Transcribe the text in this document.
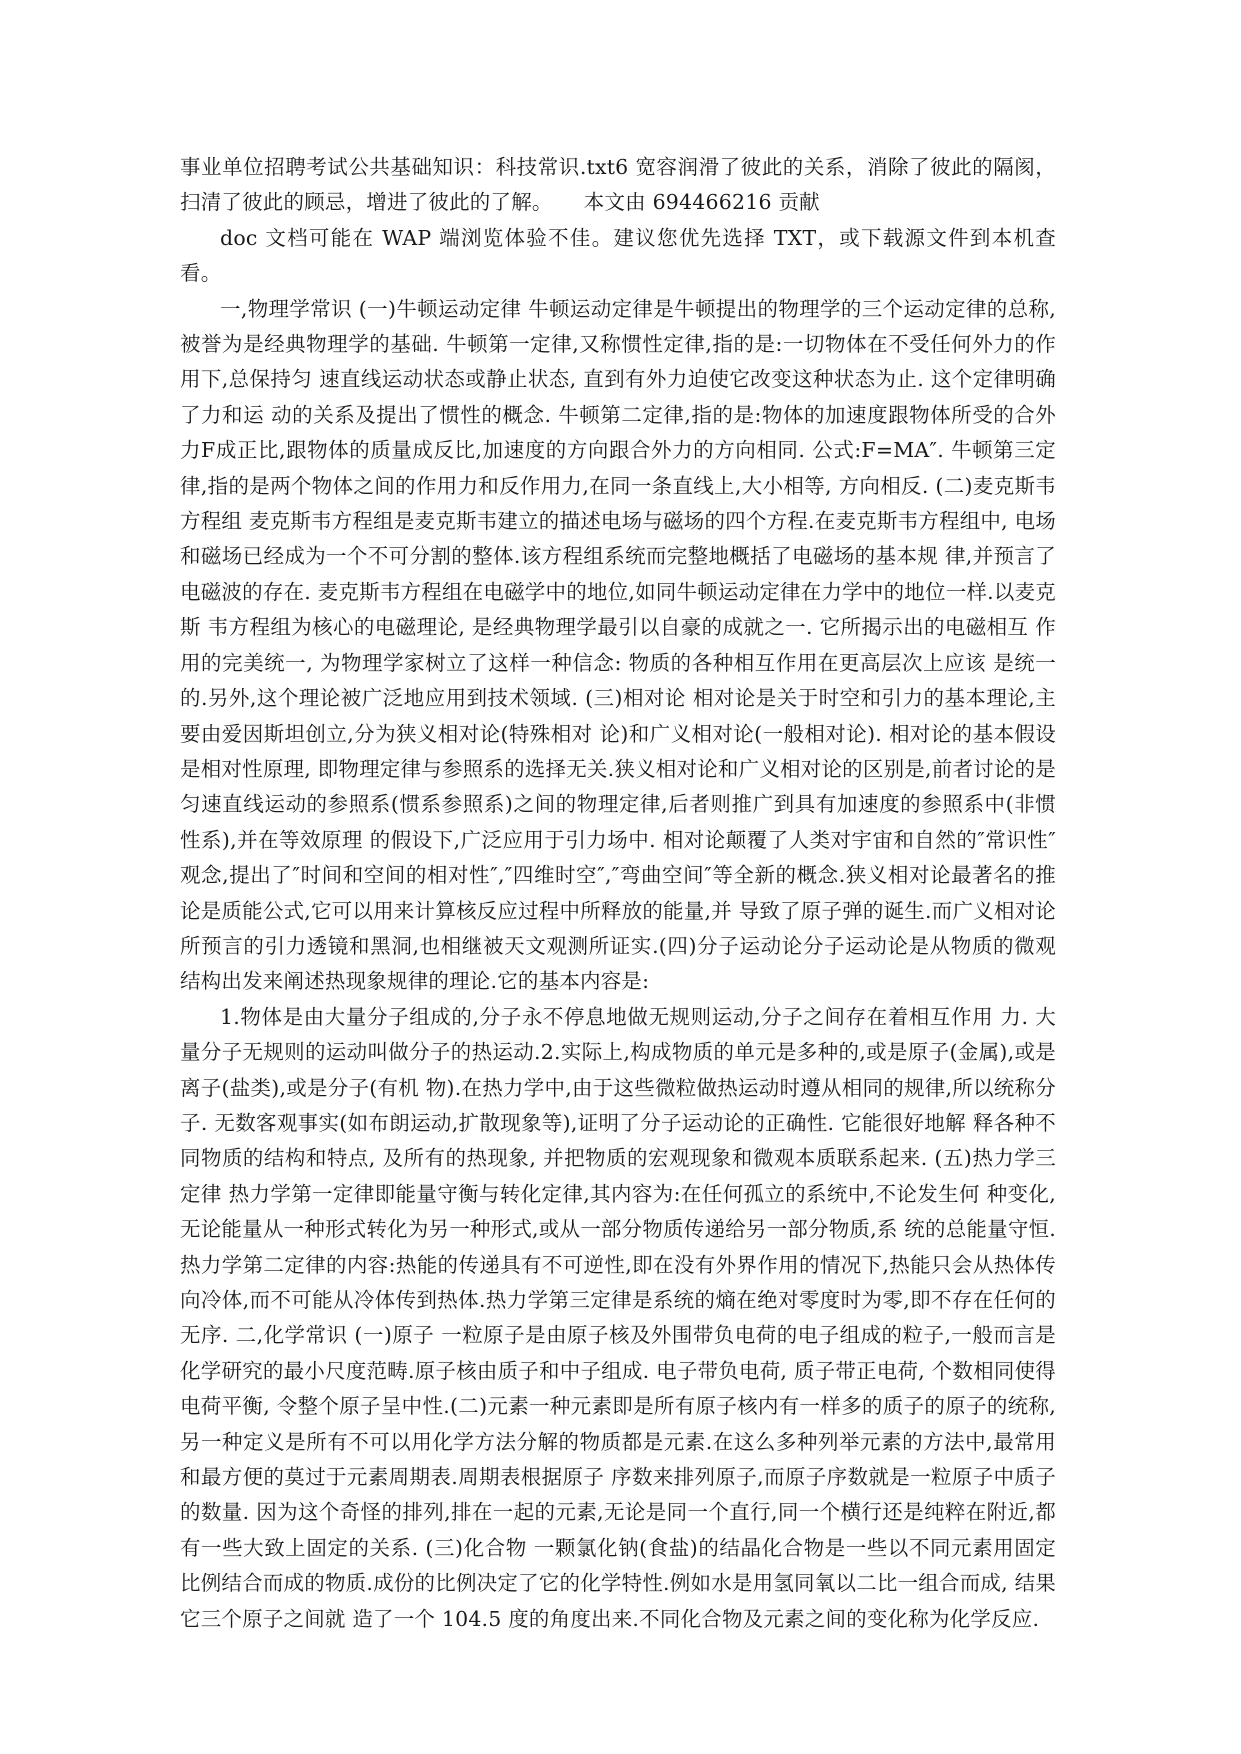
事业单位招聘考试公共基础知识：科技常识.txt6 宽容润滑了彼此的关系，消除了彼此的隔阂，扫清了彼此的顾忌，增进了彼此的了解。　　本文由 694466216 贡献

doc 文档可能在 WAP 端浏览体验不佳。建议您优先选择 TXT，或下载源文件到本机查看。

一,物理学常识 (一)牛顿运动定律 牛顿运动定律是牛顿提出的物理学的三个运动定律的总称, 被誉为是经典物理学的基础. 牛顿第一定律,又称惯性定律,指的是:一切物体在不受任何外力的作用下,总保持匀 速直线运动状态或静止状态, 直到有外力迫使它改变这种状态为止. 这个定律明确了力和运 动的关系及提出了惯性的概念. 牛顿第二定律,指的是:物体的加速度跟物体所受的合外力F成正比,跟物体的质量成反比,加速度的方向跟合外力的方向相同. 公式:F=MA″. 牛顿第三定律,指的是两个物体之间的作用力和反作用力,在同一条直线上,大小相等, 方向相反. (二)麦克斯韦方程组 麦克斯韦方程组是麦克斯韦建立的描述电场与磁场的四个方程.在麦克斯韦方程组中, 电场和磁场已经成为一个不可分割的整体.该方程组系统而完整地概括了电磁场的基本规 律,并预言了电磁波的存在. 麦克斯韦方程组在电磁学中的地位,如同牛顿运动定律在力学中的地位一样.以麦克斯 韦方程组为核心的电磁理论, 是经典物理学最引以自豪的成就之一. 它所揭示出的电磁相互 作用的完美统一, 为物理学家树立了这样一种信念: 物质的各种相互作用在更高层次上应该 是统一的.另外,这个理论被广泛地应用到技术领域. (三)相对论 相对论是关于时空和引力的基本理论,主要由爱因斯坦创立,分为狭义相对论(特殊相对 论)和广义相对论(一般相对论). 相对论的基本假设是相对性原理, 即物理定律与参照系的选择无关.狭义相对论和广义相对论的区别是,前者讨论的是匀速直线运动的参照系(惯系参照系)之间的物理定律,后者则推广到具有加速度的参照系中(非惯性系),并在等效原理 的假设下,广泛应用于引力场中. 相对论颠覆了人类对宇宙和自然的″常识性″观念,提出了″时间和空间的相对性″,″四维时空″,″弯曲空间″等全新的概念.狭义相对论最著名的推论是质能公式,它可以用来计算核反应过程中所释放的能量,并 导致了原子弹的诞生.而广义相对论所预言的引力透镜和黑洞,也相继被天文观测所证实.(四)分子运动论分子运动论是从物质的微观结构出发来阐述热现象规律的理论.它的基本内容是:

1.物体是由大量分子组成的,分子永不停息地做无规则运动,分子之间存在着相互作用 力. 大量分子无规则的运动叫做分子的热运动.2.实际上,构成物质的单元是多种的,或是原子(金属),或是离子(盐类),或是分子(有机 物).在热力学中,由于这些微粒做热运动时遵从相同的规律,所以统称分子. 无数客观事实(如布朗运动,扩散现象等),证明了分子运动论的正确性. 它能很好地解 释各种不同物质的结构和特点, 及所有的热现象, 并把物质的宏观现象和微观本质联系起来. (五)热力学三定律 热力学第一定律即能量守衡与转化定律,其内容为:在任何孤立的系统中,不论发生何 种变化,无论能量从一种形式转化为另一种形式,或从一部分物质传递给另一部分物质,系 统的总能量守恒. 热力学第二定律的内容:热能的传递具有不可逆性,即在没有外界作用的情况下,热能只会从热体传向冷体,而不可能从冷体传到热体.热力学第三定律是系统的熵在绝对零度时为零,即不存在任何的无序. 二,化学常识 (一)原子 一粒原子是由原子核及外围带负电荷的电子组成的粒子,一般而言是化学研究的最小尺度范畴.原子核由质子和中子组成. 电子带负电荷, 质子带正电荷, 个数相同使得电荷平衡, 令整个原子呈中性.(二)元素一种元素即是所有原子核内有一样多的质子的原子的统称,另一种定义是所有不可以用化学方法分解的物质都是元素.在这么多种列举元素的方法中,最常用和最方便的莫过于元素周期表.周期表根据原子 序数来排列原子,而原子序数就是一粒原子中质子的数量. 因为这个奇怪的排列,排在一起的元素,无论是同一个直行,同一个横行还是纯粹在附近,都有一些大致上固定的关系. (三)化合物 一颗氯化钠(食盐)的结晶化合物是一些以不同元素用固定比例结合而成的物质.成份的比例决定了它的化学特性.例如水是用氢同氧以二比一组合而成, 结果它三个原子之间就 造了一个 104.5 度的角度出来.不同化合物及元素之间的变化称为化学反应.
